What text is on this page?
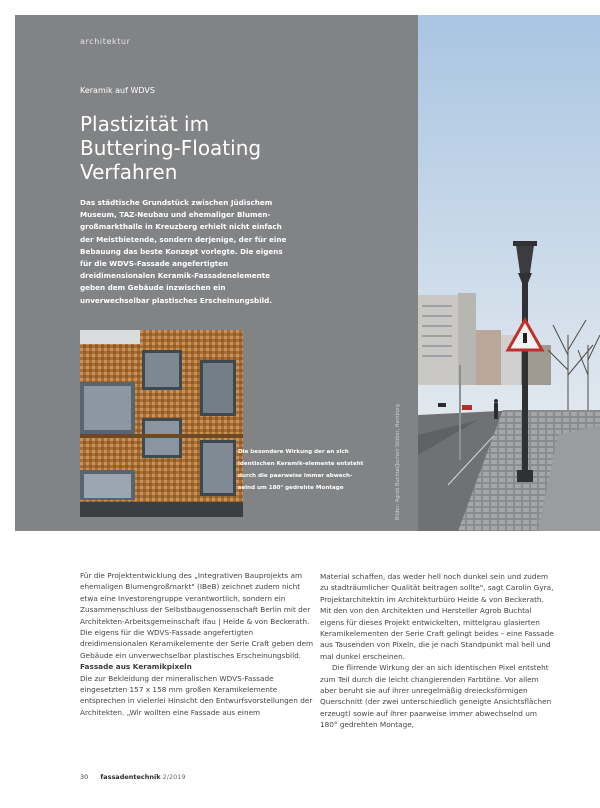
architektur
Keramik auf WDVS
Plastizität im
Buttering-Floating
Verfahren

Das städtische Grundstück zwischen Jüdischem Museum, TAZ-Neubau und ehemaliger Blumen-großmarkthalle in Kreuzberg erhielt nicht einfach der Meistbietende, sondern derjenige, der für eine Bebauung das beste Konzept vorlegte. Die eigens für die WDVS-Fassade angefertigten dreidimensionalen Keramik-Fassadenelemente geben dem Gebäude inzwischen ein unverwechselbar plastisches Erscheinungsbild.

Die besondere Wirkung der an sich identischen Keramik-elemente entsteht durch die paarweise immer abwech-selnd um 180° gedrehte Montage	Bilder: Agrob Buchtal/Jochen Stüber, Hamburg

Für die Projektentwicklung des „Integrativen Bauprojekts am ehemaligen Blumengroßmarkt" (IBeB) zeichnet zudem nicht etwa eine Investorengruppe verantwortlich, sondern ein Zusammenschluss der Selbstbaugenossenschaft Berlin mit der Architekten-Arbeitsgemeinschaft ifau | Heide & von Beckerath. Die eigens für die WDVS-Fassade angefertigten dreidimensionalen Keramikelemente der Serie Craft geben dem Gebäude ein unverwechselbar plastisches Erscheinungsbild.

Fassade aus Keramikpixeln

Die zur Bekleidung der mineralischen WDVS-Fassade eingesetzten 157 x 158 mm großen Keramikelemente entsprechen in vielerlei Hinsicht den Entwurfsvorstellungen der Architekten. „Wir wollten eine Fassade aus einem

Material schaffen, das weder hell noch dunkel sein und zudem zu stadträumlicher Qualität beitragen sollte", sagt Carolin Gyra, Projektarchitektin im Architekturbüro Heide & von Beckerath. Mit den von den Architekten und Hersteller Agrob Buchtal eigens für dieses Projekt entwickelten, mittelgrau glasierten Keramikelementen der Serie Craft gelingt beides – eine Fassade aus Tausenden von Pixeln, die je nach Standpunkt mal hell und mal dunkel erscheinen.

Die flirrende Wirkung der an sich identischen Pixel entsteht zum Teil durch die leicht changierenden Farbtöne. Vor allem aber beruht sie auf ihrer unregelmäßig dreiecksförmigen Querschnitt (der zwei unterschiedlich geneigte Ansichtsflächen erzeugt) sowie auf ihrer paarweise immer abwechselnd um 180° gedrehten Montage,

30 fassadentechnik 2/2019
